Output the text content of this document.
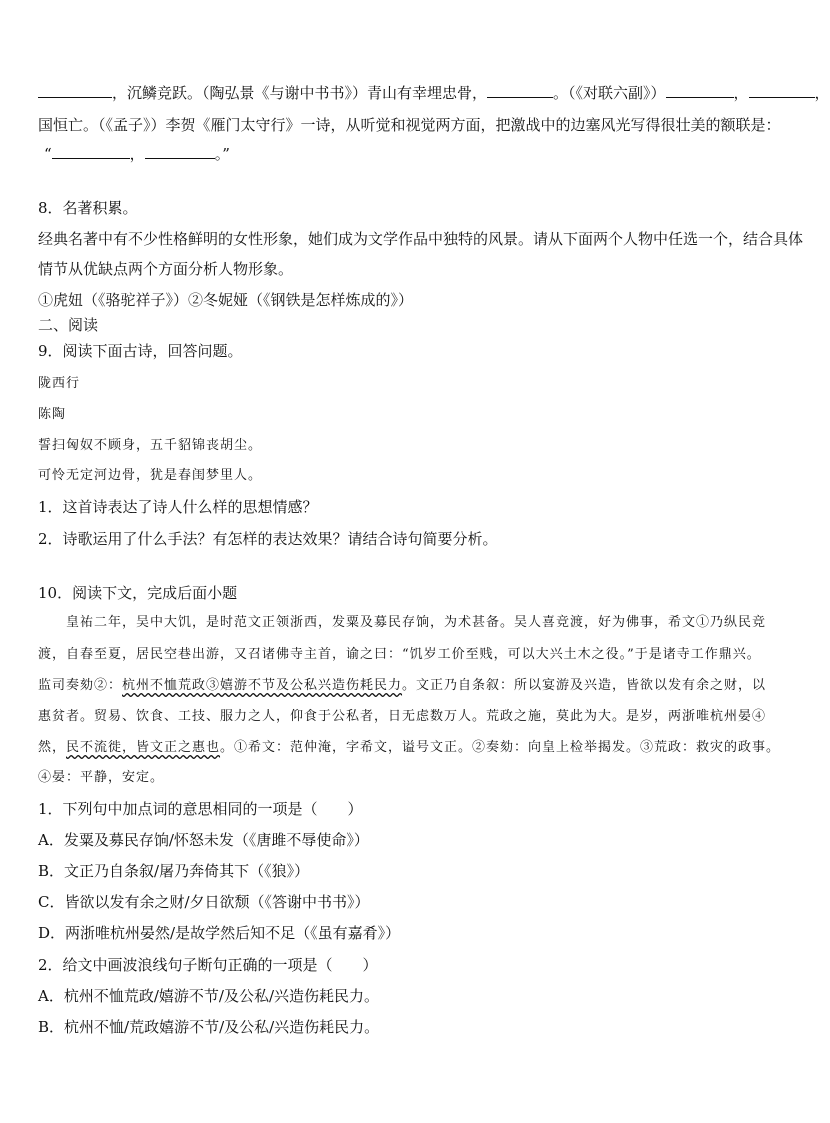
，沉鳞竞跃。（陶弘景《与谢中书书》）青山有幸埋忠骨，	。（《对联六副》）	，	，
国恒亡。（《孟子》）李贺《雁门太守行》一诗，从听觉和视觉两方面，把激战中的边塞风光写得很壮美的额联是：
“	，	。”
8．名著积累。
经典名著中有不少性格鲜明的女性形象，她们成为文学作品中独特的风景。请从下面两个人物中任选一个，结合具体
情节从优缺点两个方面分析人物形象。
①虎妞（《骆驼祥子》）②冬妮娅（《钢铁是怎样炼成的》）
二、阅读
9．阅读下面古诗，回答问题。
陇西行
陈陶
誓扫匈奴不顾身，五千貂锦丧胡尘。
可怜无定河边骨，犹是春闺梦里人。
1．这首诗表达了诗人什么样的思想情感？
2．诗歌运用了什么手法？有怎样的表达效果？请结合诗句简要分析。
10．阅读下文，完成后面小题
皇祐二年，吴中大饥，是时范文正领浙西，发粟及募民存饷，为术甚备。吴人喜竞渡，好为佛事，希文①乃纵民竞
渡，自春至夏，居民空巷出游，又召诸佛寺主首，谕之曰：“饥岁工价至贱，可以大兴土木之役。”于是诸寺工作鼎兴。
监司奏劾②：杭州不恤荒政③嬉游不节及公私兴造伤耗民力。文正乃自条叙：所以宴游及兴造，皆欲以发有余之财，以
惠贫者。贸易、饮食、工技、服力之人，仰食于公私者，日无虑数万人。荒政之施，莫此为大。是岁，两浙唯杭州晏④
然，民不流徙，皆文正之惠也。①希文：范仲淹，字希文，谥号文正。②奏劾：向皇上检举揭发。③荒政：救灾的政事。
④晏：平静，安定。
1．下列句中加点词的意思相同的一项是（　　）
A．发粟及募民存饷/怀怒未发（《唐雎不辱使命》）
B．文正乃自条叙/屠乃奔倚其下（《狼》）
C．皆欲以发有余之财/夕日欲颓（《答谢中书书》）
D．两浙唯杭州晏然/是故学然后知不足（《虽有嘉肴》）
2．给文中画波浪线句子断句正确的一项是（　　）
A．杭州不恤荒政/嬉游不节/及公私/兴造伤耗民力。
B．杭州不恤/荒政嬉游不节/及公私/兴造伤耗民力。
